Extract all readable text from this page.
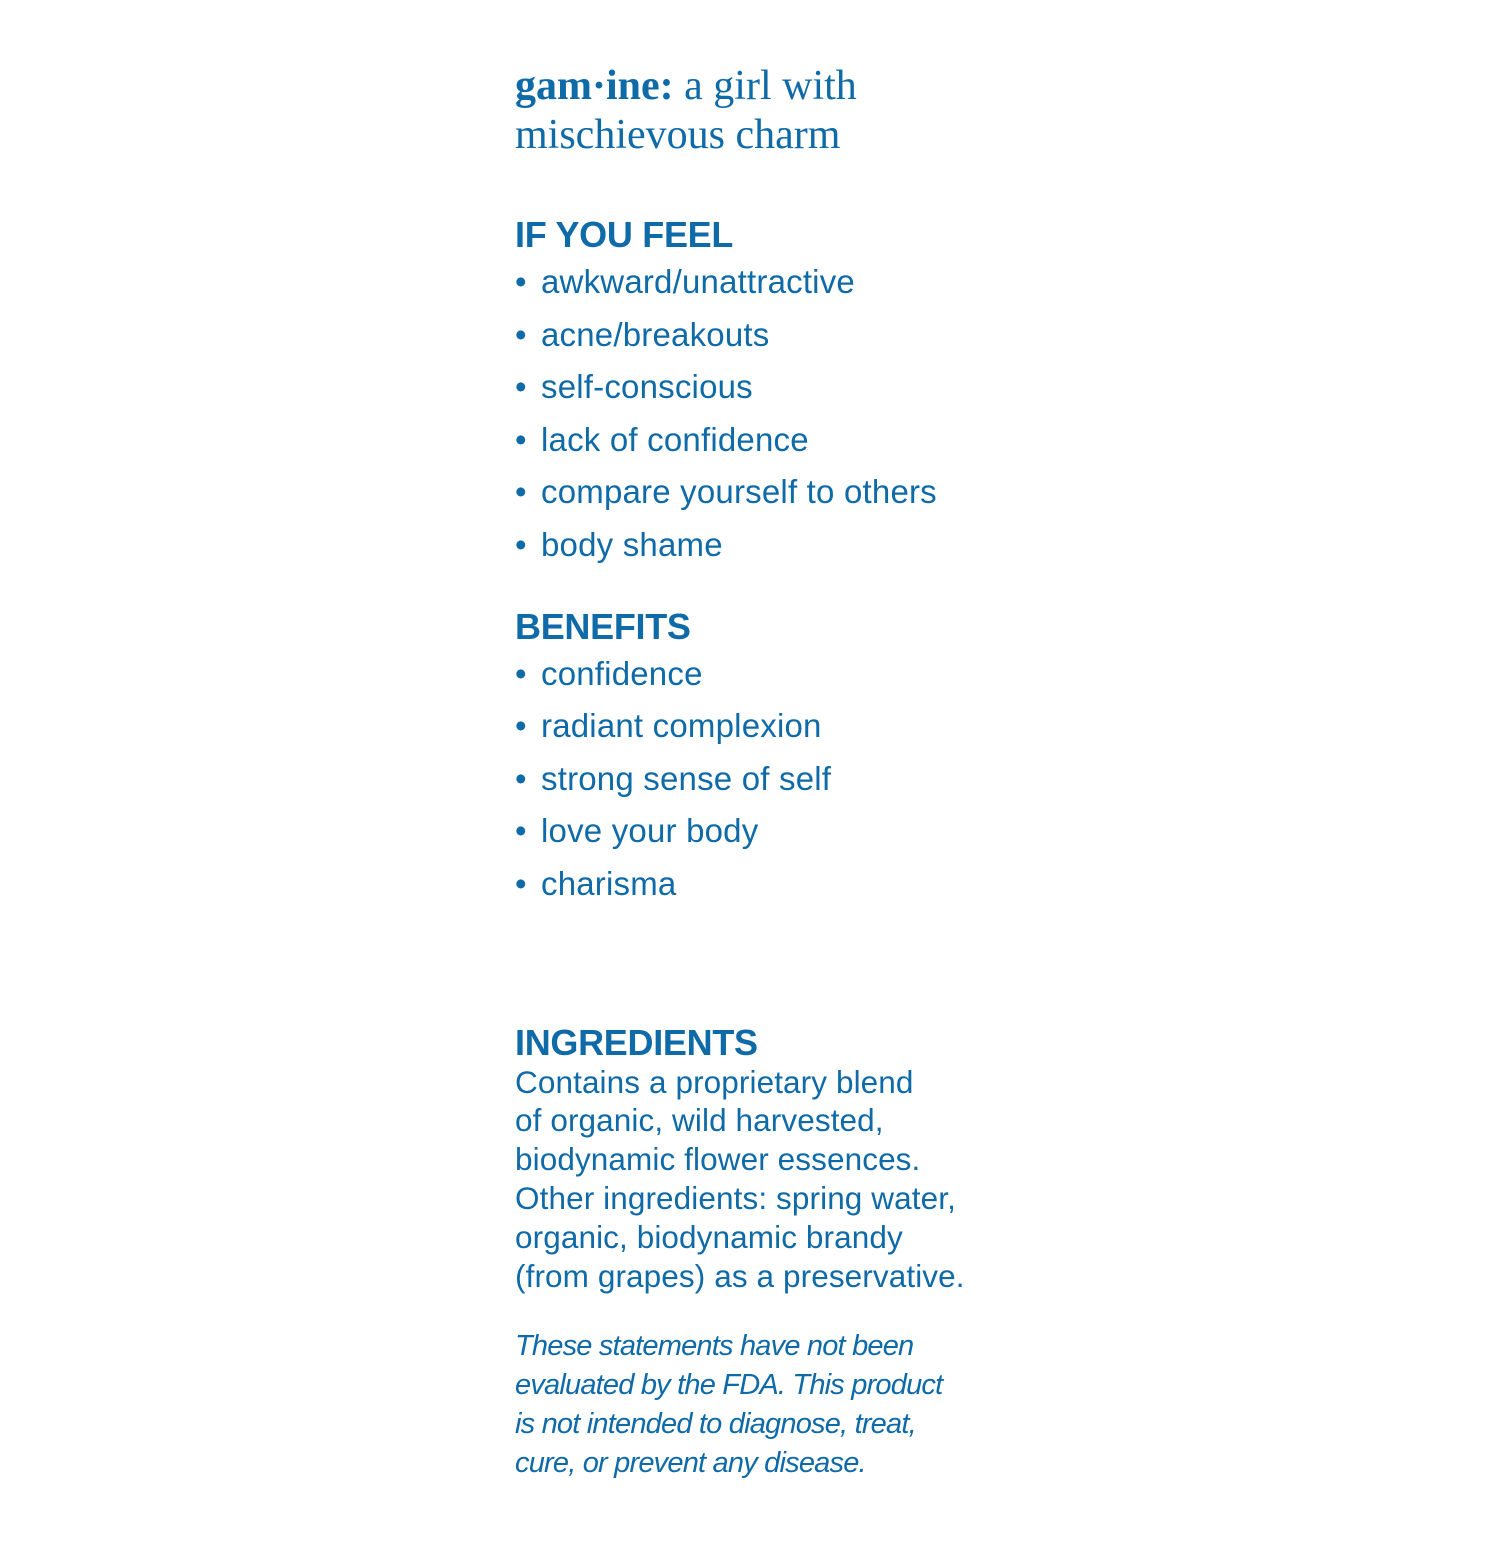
gam·ine: a girl with
mischievous charm

IF YOU FEEL
• awkward/unattractive
• acne/breakouts
• self-conscious
• lack of confidence
• compare yourself to others
• body shame
BENEFITS
• confidence
• radiant complexion
• strong sense of self
• love your body
• charisma
INGREDIENTS

Contains a proprietary blend
of organic, wild harvested,
biodynamic flower essences.
Other ingredients: spring water,
organic, biodynamic brandy
(from grapes) as a preservative.

These statements have not been
evaluated by the FDA. This product
is not intended to diagnose, treat,
cure, or prevent any disease.
